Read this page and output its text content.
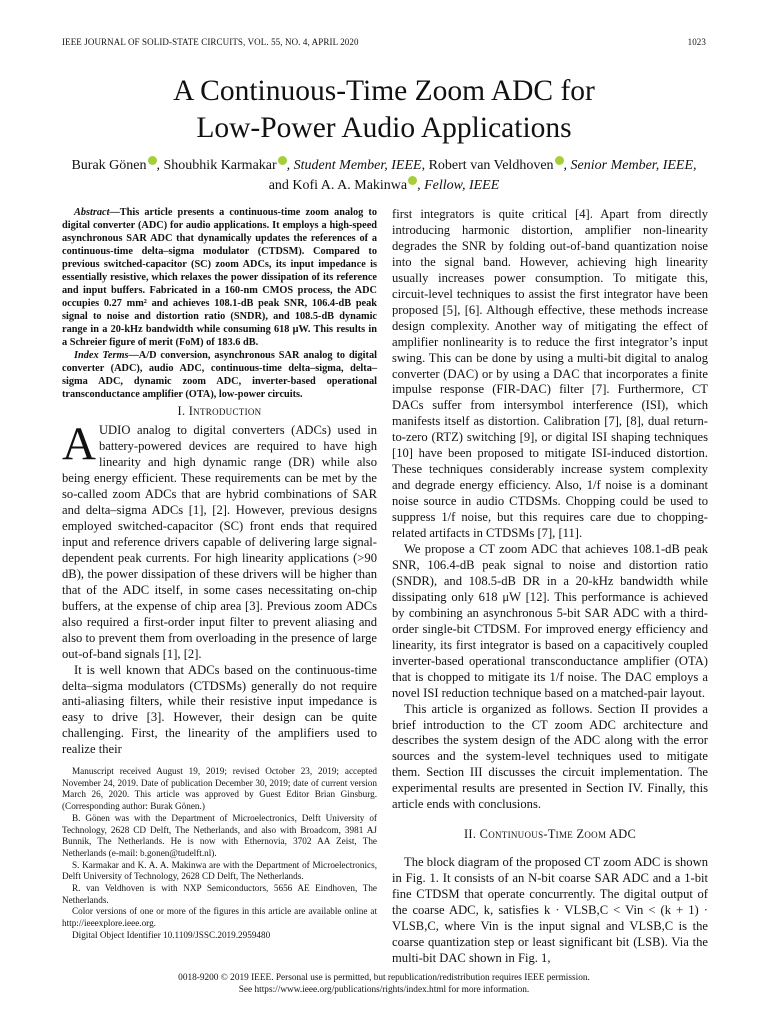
IEEE JOURNAL OF SOLID-STATE CIRCUITS, VOL. 55, NO. 4, APRIL 2020	1023
A Continuous-Time Zoom ADC for
Low-Power Audio Applications
Burak Gönen , Shoubhik Karmakar , Student Member, IEEE, Robert van Veldhoven , Senior Member, IEEE,
and Kofi A. A. Makinwa , Fellow, IEEE

Abstract—This article presents a continuous-time zoom analog to digital converter (ADC) for audio applications. It employs a high-speed asynchronous SAR ADC that dynamically updates the references of a continuous-time delta–sigma modulator (CTDSM). Compared to previous switched-capacitor (SC) zoom ADCs, its input impedance is essentially resistive, which relaxes the power dissipation of its reference and input buffers. Fabricated in a 160-nm CMOS process, the ADC occupies 0.27 mm² and achieves 108.1-dB peak SNR, 106.4-dB peak signal to noise and distortion ratio (SNDR), and 108.5-dB dynamic range in a 20-kHz bandwidth while consuming 618 μW. This results in a Schreier figure of merit (FoM) of 183.6 dB.

Index Terms—A/D conversion, asynchronous SAR analog to digital converter (ADC), audio ADC, continuous-time delta–sigma, delta–sigma ADC, dynamic zoom ADC, inverter-based operational transconductance amplifier (OTA), low-power circuits.

I. Introduction

AUDIO analog to digital converters (ADCs) used in battery-powered devices are required to have high linearity and high dynamic range (DR) while also being energy efficient. These requirements can be met by the so-called zoom ADCs that are hybrid combinations of SAR and delta–sigma ADCs [1], [2]. However, previous designs employed switched-capacitor (SC) front ends that required input and reference drivers capable of delivering large signal-dependent peak currents. For high linearity applications (>90 dB), the power dissipation of these drivers will be higher than that of the ADC itself, in some cases necessitating on-chip buffers, at the expense of chip area [3]. Previous zoom ADCs also required a first-order input filter to prevent aliasing and also to prevent them from overloading in the presence of large out-of-band signals [1], [2].

It is well known that ADCs based on the continuous-time delta–sigma modulators (CTDSMs) generally do not require anti-aliasing filters, while their resistive input impedance is easy to drive [3]. However, their design can be quite challenging. First, the linearity of the amplifiers used to realize their

Manuscript received August 19, 2019; revised October 23, 2019; accepted November 24, 2019. Date of publication December 30, 2019; date of current version March 26, 2020. This article was approved by Guest Editor Brian Ginsburg. (Corresponding author: Burak Gönen.)

B. Gönen was with the Department of Microelectronics, Delft University of Technology, 2628 CD Delft, The Netherlands, and also with Broadcom, 3981 AJ Bunnik, The Netherlands. He is now with Ethernovia, 3702 AA Zeist, The Netherlands (e-mail: b.gonen@tudelft.nl).

S. Karmakar and K. A. A. Makinwa are with the Department of Microelectronics, Delft University of Technology, 2628 CD Delft, The Netherlands.

R. van Veldhoven is with NXP Semiconductors, 5656 AE Eindhoven, The Netherlands.

Color versions of one or more of the figures in this article are available online at http://ieeexplore.ieee.org.

Digital Object Identifier 10.1109/JSSC.2019.2959480

first integrators is quite critical [4]. Apart from directly introducing harmonic distortion, amplifier non-linearity degrades the SNR by folding out-of-band quantization noise into the signal band. However, achieving high linearity usually increases power consumption. To mitigate this, circuit-level techniques to assist the first integrator have been proposed [5], [6]. Although effective, these methods increase design complexity. Another way of mitigating the effect of amplifier nonlinearity is to reduce the first integrator’s input swing. This can be done by using a multi-bit digital to analog converter (DAC) or by using a DAC that incorporates a finite impulse response (FIR-DAC) filter [7]. Furthermore, CT DACs suffer from intersymbol interference (ISI), which manifests itself as distortion. Calibration [7], [8], dual return-to-zero (RTZ) switching [9], or digital ISI shaping techniques [10] have been proposed to mitigate ISI-induced distortion. These techniques considerably increase system complexity and degrade energy efficiency. Also, 1/f noise is a dominant noise source in audio CTDSMs. Chopping could be used to suppress 1/f noise, but this requires care due to chopping-related artifacts in CTDSMs [7], [11].

We propose a CT zoom ADC that achieves 108.1-dB peak SNR, 106.4-dB peak signal to noise and distortion ratio (SNDR), and 108.5-dB DR in a 20-kHz bandwidth while dissipating only 618 μW [12]. This performance is achieved by combining an asynchronous 5-bit SAR ADC with a third-order single-bit CTDSM. For improved energy efficiency and linearity, its first integrator is based on a capacitively coupled inverter-based operational transconductance amplifier (OTA) that is chopped to mitigate its 1/f noise. The DAC employs a novel ISI reduction technique based on a matched-pair layout.

This article is organized as follows. Section II provides a brief introduction to the CT zoom ADC architecture and describes the system design of the ADC along with the error sources and the system-level techniques used to mitigate them. Section III discusses the circuit implementation. The experimental results are presented in Section IV. Finally, this article ends with conclusions.

II. Continuous-Time Zoom ADC

The block diagram of the proposed CT zoom ADC is shown in Fig. 1. It consists of an N-bit coarse SAR ADC and a 1-bit fine CTDSM that operate concurrently. The digital output of the coarse ADC, k, satisfies k · VLSB,C < Vin < (k + 1) · VLSB,C, where Vin is the input signal and VLSB,C is the coarse quantization step or least significant bit (LSB). Via the multi-bit DAC shown in Fig. 1,

0018-9200 © 2019 IEEE. Personal use is permitted, but republication/redistribution requires IEEE permission.
See https://www.ieee.org/publications/rights/index.html for more information.
